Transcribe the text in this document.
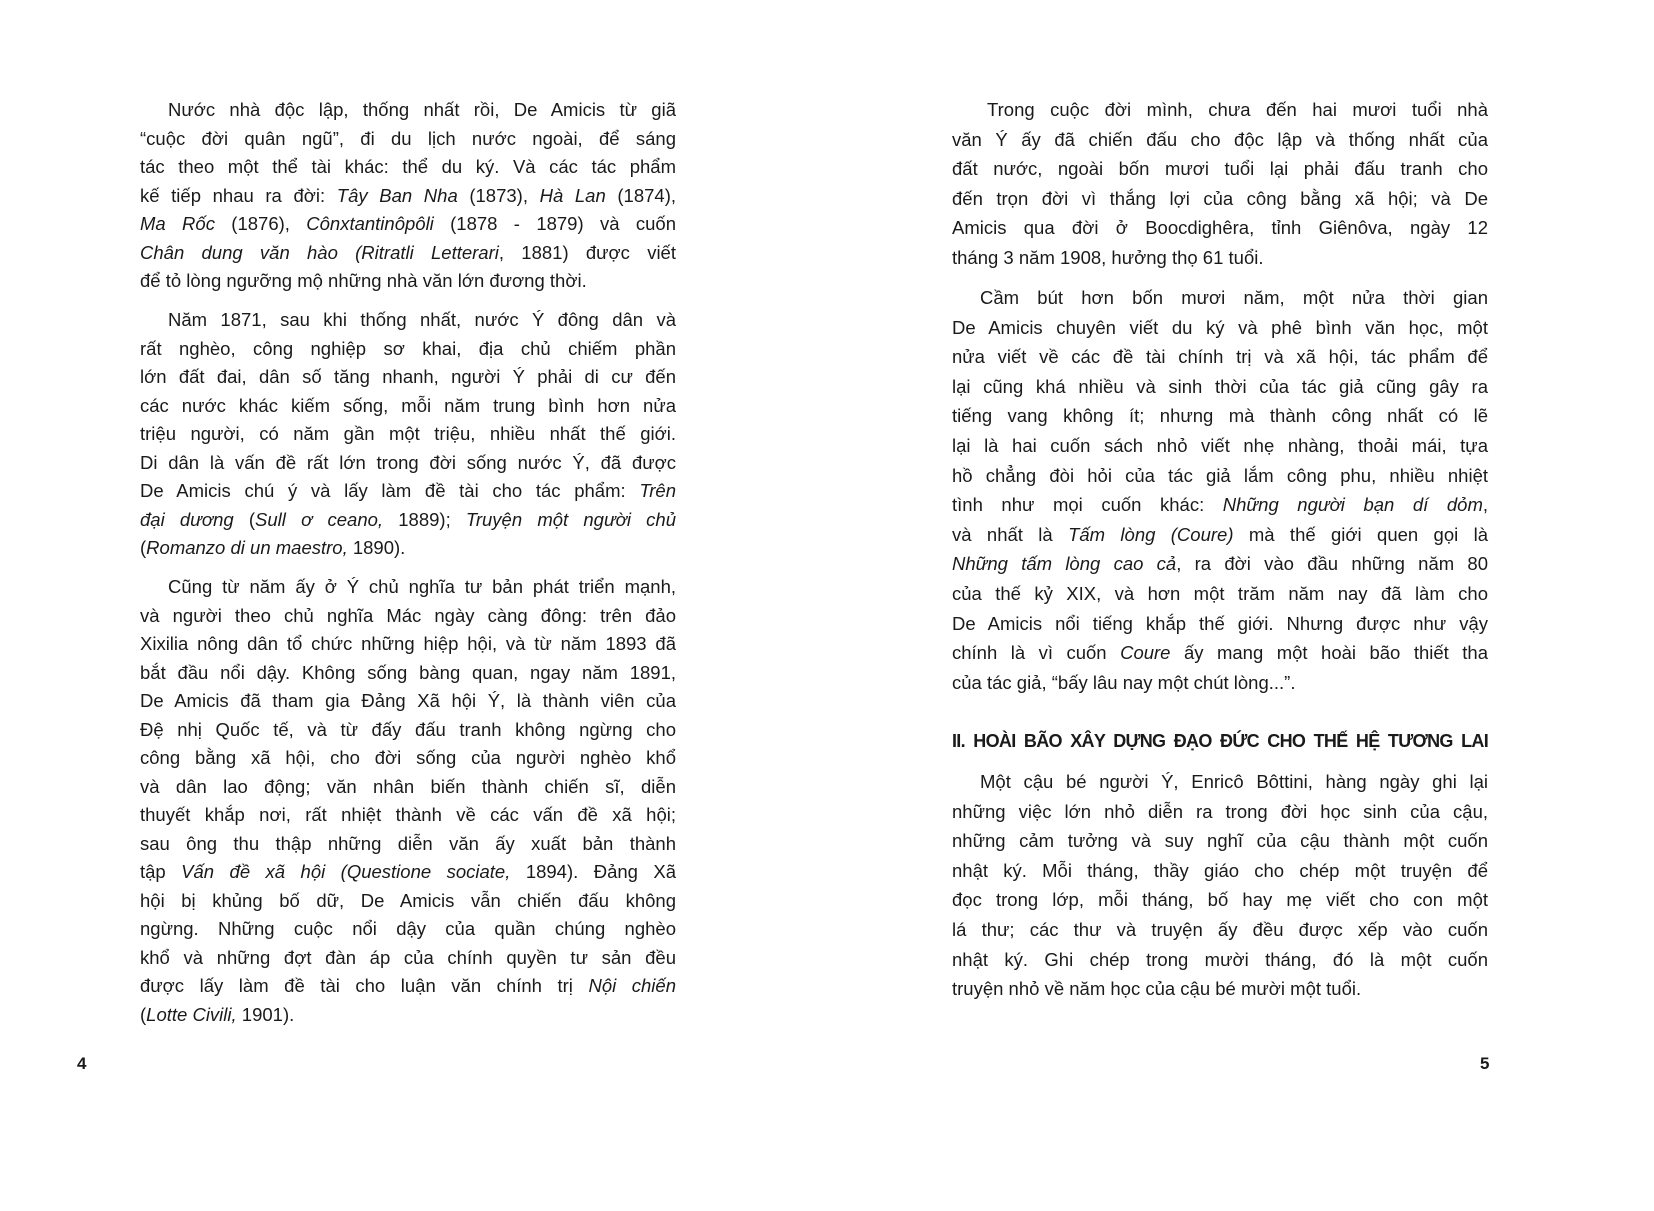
Nước nhà độc lập, thống nhất rồi, De Amicis từ giã
“cuộc đời quân ngũ”, đi du lịch nước ngoài, để sáng
tác theo một thể tài khác: thể du ký. Và các tác phẩm
kế tiếp nhau ra đời: Tây Ban Nha (1873), Hà Lan (1874),
Ma Rốc (1876), Cônxtantinôpôli (1878 - 1879) và cuốn
Chân dung văn hào (Ritratli Letterari, 1881) được viết
để tỏ lòng ngưỡng mộ những nhà văn lớn đương thời.
Năm 1871, sau khi thống nhất, nước Ý đông dân và
rất nghèo, công nghiệp sơ khai, địa chủ chiếm phần
lớn đất đai, dân số tăng nhanh, người Ý phải di cư đến
các nước khác kiếm sống, mỗi năm trung bình hơn nửa
triệu người, có năm gần một triệu, nhiều nhất thế giới.
Di dân là vấn đề rất lớn trong đời sống nước Ý, đã được
De Amicis chú ý và lấy làm đề tài cho tác phẩm: Trên
đại dương (Sull ơ ceano, 1889); Truyện một người chủ
(Romanzo di un maestro, 1890).
Cũng từ năm ấy ở Ý chủ nghĩa tư bản phát triển mạnh,
và người theo chủ nghĩa Mác ngày càng đông: trên đảo
Xixilia nông dân tổ chức những hiệp hội, và từ năm 1893 đã
bắt đầu nổi dậy. Không sống bàng quan, ngay năm 1891,
De Amicis đã tham gia Đảng Xã hội Ý, là thành viên của
Đệ nhị Quốc tế, và từ đấy đấu tranh không ngừng cho
công bằng xã hội, cho đời sống của người nghèo khổ
và dân lao động; văn nhân biến thành chiến sĩ, diễn
thuyết khắp nơi, rất nhiệt thành về các vấn đề xã hội;
sau ông thu thập những diễn văn ấy xuất bản thành
tập Vấn đề xã hội (Questione sociate, 1894). Đảng Xã
hội bị khủng bố dữ, De Amicis vẫn chiến đấu không
ngừng. Những cuộc nổi dậy của quần chúng nghèo
khổ và những đợt đàn áp của chính quyền tư sản đều
được lấy làm đề tài cho luận văn chính trị Nội chiến
(Lotte Civili, 1901).
Trong cuộc đời mình, chưa đến hai mươi tuổi nhà
văn Ý ấy đã chiến đấu cho độc lập và thống nhất của
đất nước, ngoài bốn mươi tuổi lại phải đấu tranh cho
đến trọn đời vì thắng lợi của công bằng xã hội; và De
Amicis qua đời ở Boocdighêra, tỉnh Giênôva, ngày 12
tháng 3 năm 1908, hưởng thọ 61 tuổi.
Cầm bút hơn bốn mươi năm, một nửa thời gian
De Amicis chuyên viết du ký và phê bình văn học, một
nửa viết về các đề tài chính trị và xã hội, tác phẩm để
lại cũng khá nhiều và sinh thời của tác giả cũng gây ra
tiếng vang không ít; nhưng mà thành công nhất có lẽ
lại là hai cuốn sách nhỏ viết nhẹ nhàng, thoải mái, tựa
hồ chẳng đòi hỏi của tác giả lắm công phu, nhiều nhiệt
tình như mọi cuốn khác: Những người bạn dí dỏm,
và nhất là Tấm lòng (Coure) mà thế giới quen gọi là
Những tấm lòng cao cả, ra đời vào đầu những năm 80
của thế kỷ XIX, và hơn một trăm năm nay đã làm cho
De Amicis nổi tiếng khắp thế giới. Nhưng được như vậy
chính là vì cuốn Coure ấy mang một hoài bão thiết tha
của tác giả, “bấy lâu nay một chút lòng...”.
II. HOÀI BÃO XÂY DỰNG ĐẠO ĐỨC CHO THẾ HỆ TƯƠNG LAI
Một cậu bé người Ý, Enricô Bôttini, hàng ngày ghi lại
những việc lớn nhỏ diễn ra trong đời học sinh của cậu,
những cảm tưởng và suy nghĩ của cậu thành một cuốn
nhật ký. Mỗi tháng, thầy giáo cho chép một truyện để
đọc trong lớp, mỗi tháng, bố hay mẹ viết cho con một
lá thư; các thư và truyện ấy đều được xếp vào cuốn
nhật ký. Ghi chép trong mười tháng, đó là một cuốn
truyện nhỏ về năm học của cậu bé mười một tuổi.
4	5
